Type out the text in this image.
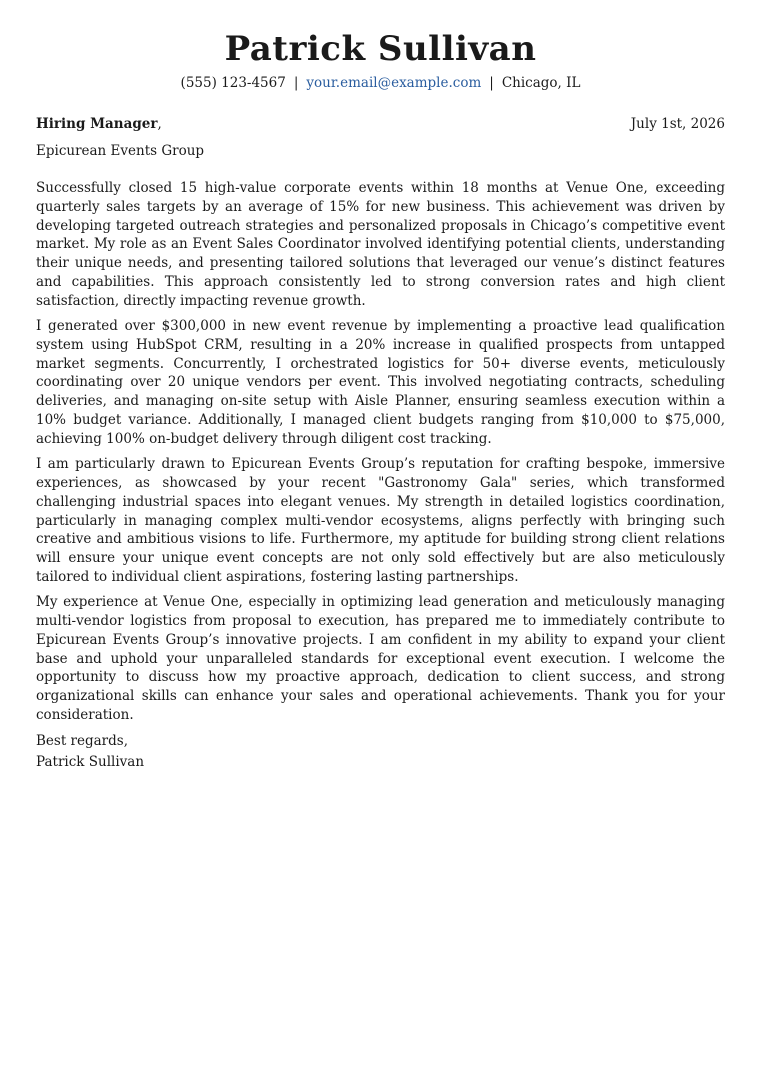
Patrick Sullivan
(555) 123-4567 | your.email@example.com | Chicago, IL
Hiring Manager,	July 1st, 2026
Epicurean Events Group

Successfully closed 15 high-value corporate events within 18 months at Venue One, exceeding quarterly sales targets by an average of 15% for new business. This achievement was driven by developing targeted outreach strategies and personalized proposals in Chicago’s competitive event market. My role as an Event Sales Coordinator involved identifying potential clients, understanding their unique needs, and presenting tailored solutions that leveraged our venue’s distinct features and capabilities. This approach consistently led to strong conversion rates and high client satisfaction, directly impacting revenue growth.

I generated over $300,000 in new event revenue by implementing a proactive lead qualification system using HubSpot CRM, resulting in a 20% increase in qualified prospects from untapped market segments. Concurrently, I orchestrated logistics for 50+ diverse events, meticulously coordinating over 20 unique vendors per event. This involved negotiating contracts, scheduling deliveries, and managing on-site setup with Aisle Planner, ensuring seamless execution within a 10% budget variance. Additionally, I managed client budgets ranging from $10,000 to $75,000, achieving 100% on-budget delivery through diligent cost tracking.

I am particularly drawn to Epicurean Events Group’s reputation for crafting bespoke, immersive experiences, as showcased by your recent "Gastronomy Gala" series, which transformed challenging industrial spaces into elegant venues. My strength in detailed logistics coordination, particularly in managing complex multi-vendor ecosystems, aligns perfectly with bringing such creative and ambitious visions to life. Furthermore, my aptitude for building strong client relations will ensure your unique event concepts are not only sold effectively but are also meticulously tailored to individual client aspirations, fostering lasting partnerships.

My experience at Venue One, especially in optimizing lead generation and meticulously managing multi-vendor logistics from proposal to execution, has prepared me to immediately contribute to Epicurean Events Group’s innovative projects. I am confident in my ability to expand your client base and uphold your unparalleled standards for exceptional event execution. I welcome the opportunity to discuss how my proactive approach, dedication to client success, and strong organizational skills can enhance your sales and operational achievements. Thank you for your consideration.

Best regards,
Patrick Sullivan
